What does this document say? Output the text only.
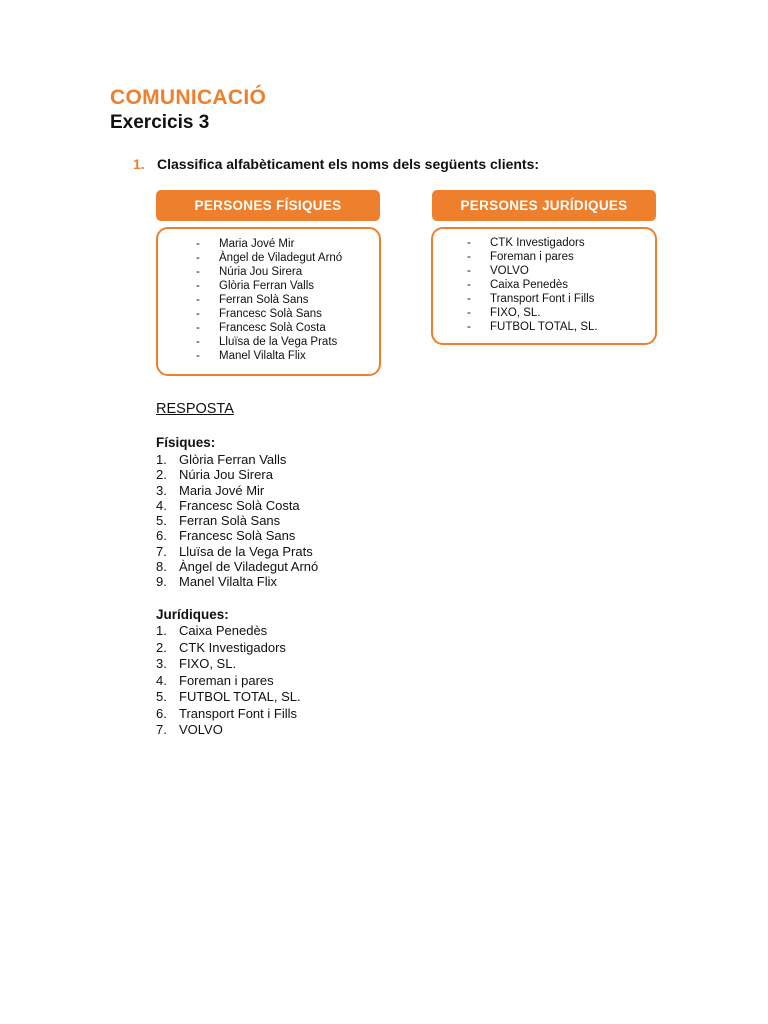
COMUNICACIÓ
Exercicis 3
1. Classifica alfabèticament els noms dels següents clients:
PERSONES FÍSIQUES	PERSONES JURÍDIQUES
-	Maria Jové Mir
-	Àngel de Viladegut Arnó
-	Núria Jou Sirera
-	Glòria Ferran Valls
-	Ferran Solà Sans
-	Francesc Solà Sans
-	Francesc Solà Costa
-	Lluïsa de la Vega Prats
-	Manel Vilalta Flix
-	CTK Investigadors
-	Foreman i pares
-	VOLVO
-	Caixa Penedès
-	Transport Font i Fills
-	FIXO, SL.
-	FUTBOL TOTAL, SL.
RESPOSTA
Físiques:
1. Glòria Ferran Valls
2. Núria Jou Sirera
3. Maria Jové Mir
4. Francesc Solà Costa
5. Ferran Solà Sans
6. Francesc Solà Sans
7. Lluïsa de la Vega Prats
8. Àngel de Viladegut Arnó
9. Manel Vilalta Flix
Jurídiques:
1. Caixa Penedès
2. CTK Investigadors
3. FIXO, SL.
4. Foreman i pares
5. FUTBOL TOTAL, SL.
6. Transport Font i Fills
7. VOLVO
